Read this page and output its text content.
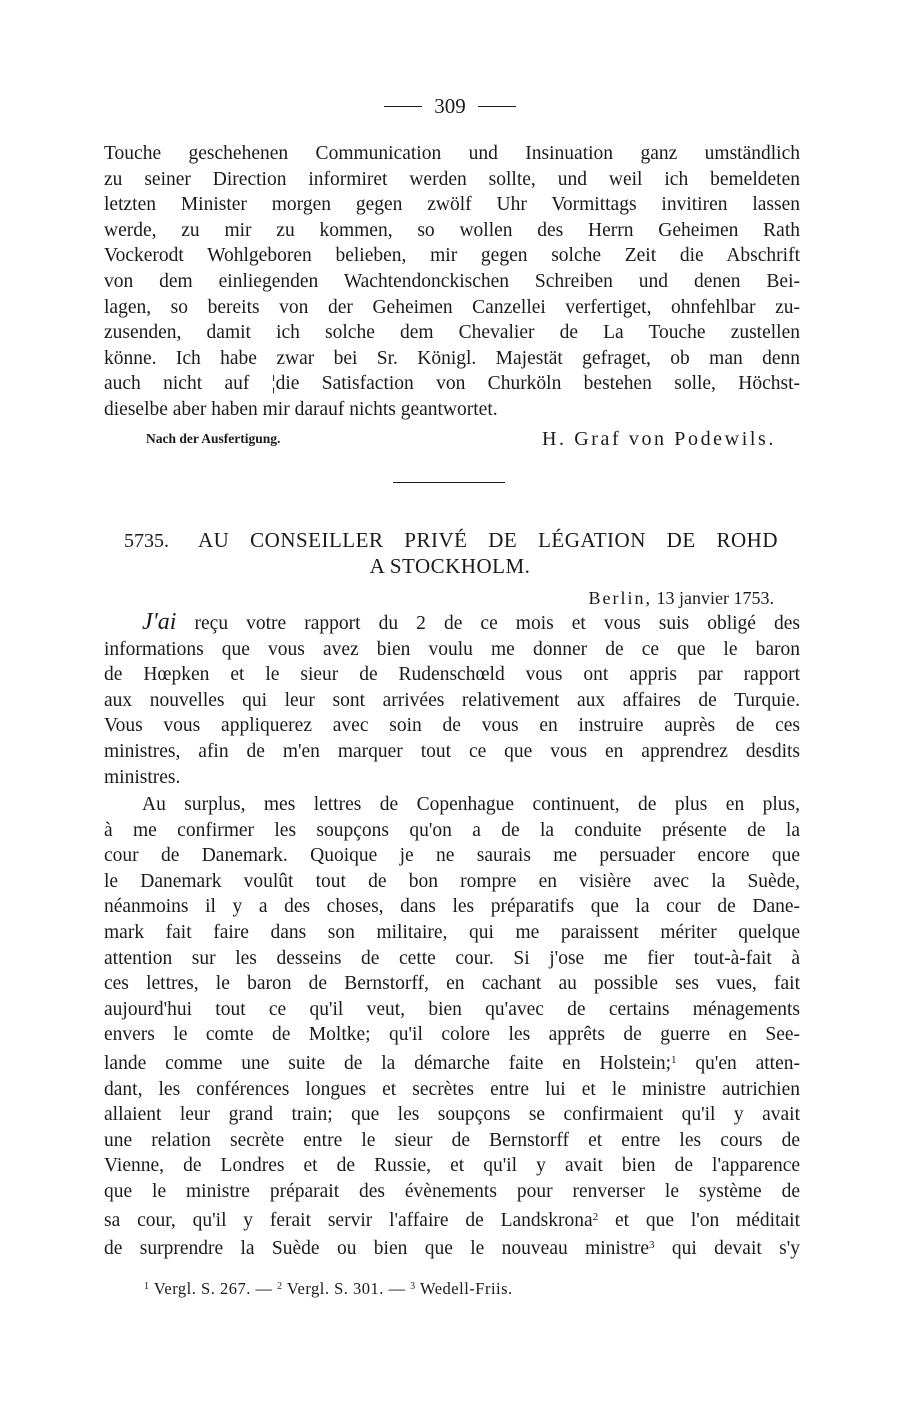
309
Touche geschehenen Communication und Insinuation ganz umständlich
zu seiner Direction informiret werden sollte, und weil ich bemeldeten
letzten Minister morgen gegen zwölf Uhr Vormittags invitiren lassen
werde, zu mir zu kommen, so wollen des Herrn Geheimen Rath
Vockerodt Wohlgeboren belieben, mir gegen solche Zeit die Abschrift
von dem einliegenden Wachtendonckischen Schreiben und denen Bei-
lagen, so bereits von der Geheimen Canzellei verfertiget, ohnfehlbar zu-
zusenden, damit ich solche dem Chevalier de La Touche zustellen
könne. Ich habe zwar bei Sr. Königl. Majestät gefraget, ob man denn
auch nicht auf ¦die Satisfaction von Churköln bestehen solle, Höchst-
dieselbe aber haben mir darauf nichts geantwortet.
Nach der Ausfertigung.	H. Graf von Podewils.
5735. AU CONSEILLER PRIVÉ DE LÉGATION DE ROHD
A STOCKHOLM.
Berlin, 13 janvier 1753.
J'ai reçu votre rapport du 2 de ce mois et vous suis obligé des
informations que vous avez bien voulu me donner de ce que le baron
de Hœpken et le sieur de Rudenschœld vous ont appris par rapport
aux nouvelles qui leur sont arrivées relativement aux affaires de Turquie.
Vous vous appliquerez avec soin de vous en instruire auprès de ces
ministres, afin de m'en marquer tout ce que vous en apprendrez desdits
ministres.
Au surplus, mes lettres de Copenhague continuent, de plus en plus,
à me confirmer les soupçons qu'on a de la conduite présente de la
cour de Danemark. Quoique je ne saurais me persuader encore que
le Danemark voulût tout de bon rompre en visière avec la Suède,
néanmoins il y a des choses, dans les préparatifs que la cour de Dane-
mark fait faire dans son militaire, qui me paraissent mériter quelque
attention sur les desseins de cette cour. Si j'ose me fier tout-à-fait à
ces lettres, le baron de Bernstorff, en cachant au possible ses vues, fait
aujourd'hui tout ce qu'il veut, bien qu'avec de certains ménagements
envers le comte de Moltke; qu'il colore les apprêts de guerre en See-
lande comme une suite de la démarche faite en Holstein;$^1$ qu'en atten-
dant, les conférences longues et secrètes entre lui et le ministre autrichien
allaient leur grand train; que les soupçons se confirmaient qu'il y avait
une relation secrète entre le sieur de Bernstorff et entre les cours de
Vienne, de Londres et de Russie, et qu'il y avait bien de l'apparence
que le ministre préparait des évènements pour renverser le système de
sa cour, qu'il y ferait servir l'affaire de Landskrona$^2$ et que l'on méditait
de surprendre la Suède ou bien que le nouveau ministre$^3$ qui devait s'y
$^1$ Vergl. S. 267. — $^2$ Vergl. S. 301. — $^3$ Wedell-Friis.
